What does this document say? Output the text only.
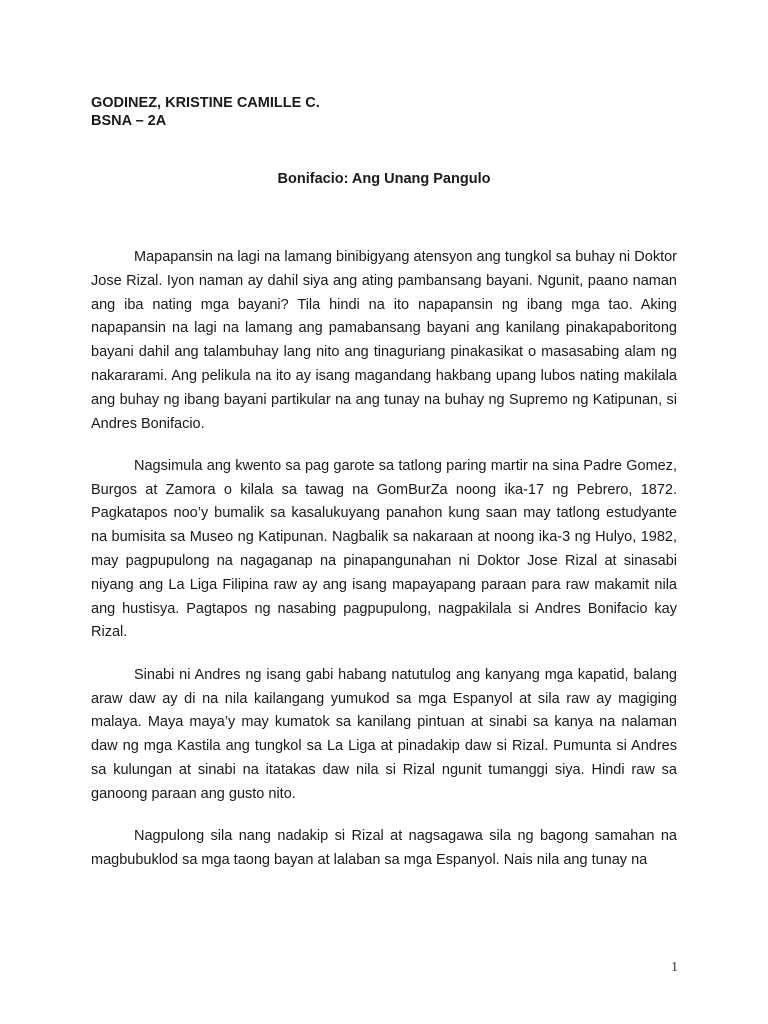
GODINEZ, KRISTINE CAMILLE C.
BSNA – 2A
Bonifacio: Ang Unang Pangulo

Mapapansin na lagi na lamang binibigyang atensyon ang tungkol sa buhay ni Doktor Jose Rizal. Iyon naman ay dahil siya ang ating pambansang bayani. Ngunit, paano naman ang iba nating mga bayani? Tila hindi na ito napapansin ng ibang mga tao. Aking napapansin na lagi na lamang ang pamabansang bayani ang kanilang pinakapaboritong bayani dahil ang talambuhay lang nito ang tinaguriang pinakasikat o masasabing alam ng nakararami. Ang pelikula na ito ay isang magandang hakbang upang lubos nating makilala ang buhay ng ibang bayani partikular na ang tunay na buhay ng Supremo ng Katipunan, si Andres Bonifacio.

Nagsimula ang kwento sa pag garote sa tatlong paring martir na sina Padre Gomez, Burgos at Zamora o kilala sa tawag na GomBurZa noong ika-17 ng Pebrero, 1872. Pagkatapos noo’y bumalik sa kasalukuyang panahon kung saan may tatlong estudyante na bumisita sa Museo ng Katipunan. Nagbalik sa nakaraan at noong ika-3 ng Hulyo, 1982, may pagpupulong na nagaganap na pinapangunahan ni Doktor Jose Rizal at sinasabi niyang ang La Liga Filipina raw ay ang isang mapayapang paraan para raw makamit nila ang hustisya. Pagtapos ng nasabing pagpupulong, nagpakilala si Andres Bonifacio kay Rizal.

Sinabi ni Andres ng isang gabi habang natutulog ang kanyang mga kapatid, balang araw daw ay di na nila kailangang yumukod sa mga Espanyol at sila raw ay magiging malaya. Maya maya’y may kumatok sa kanilang pintuan at sinabi sa kanya na nalaman daw ng mga Kastila ang tungkol sa La Liga at pinadakip daw si Rizal. Pumunta si Andres sa kulungan at sinabi na itatakas daw nila si Rizal ngunit tumanggi siya. Hindi raw sa ganoong paraan ang gusto nito.

Nagpulong sila nang nadakip si Rizal at nagsagawa sila ng bagong samahan na magbubuklod sa mga taong bayan at lalaban sa mga Espanyol. Nais nila ang tunay na

1
